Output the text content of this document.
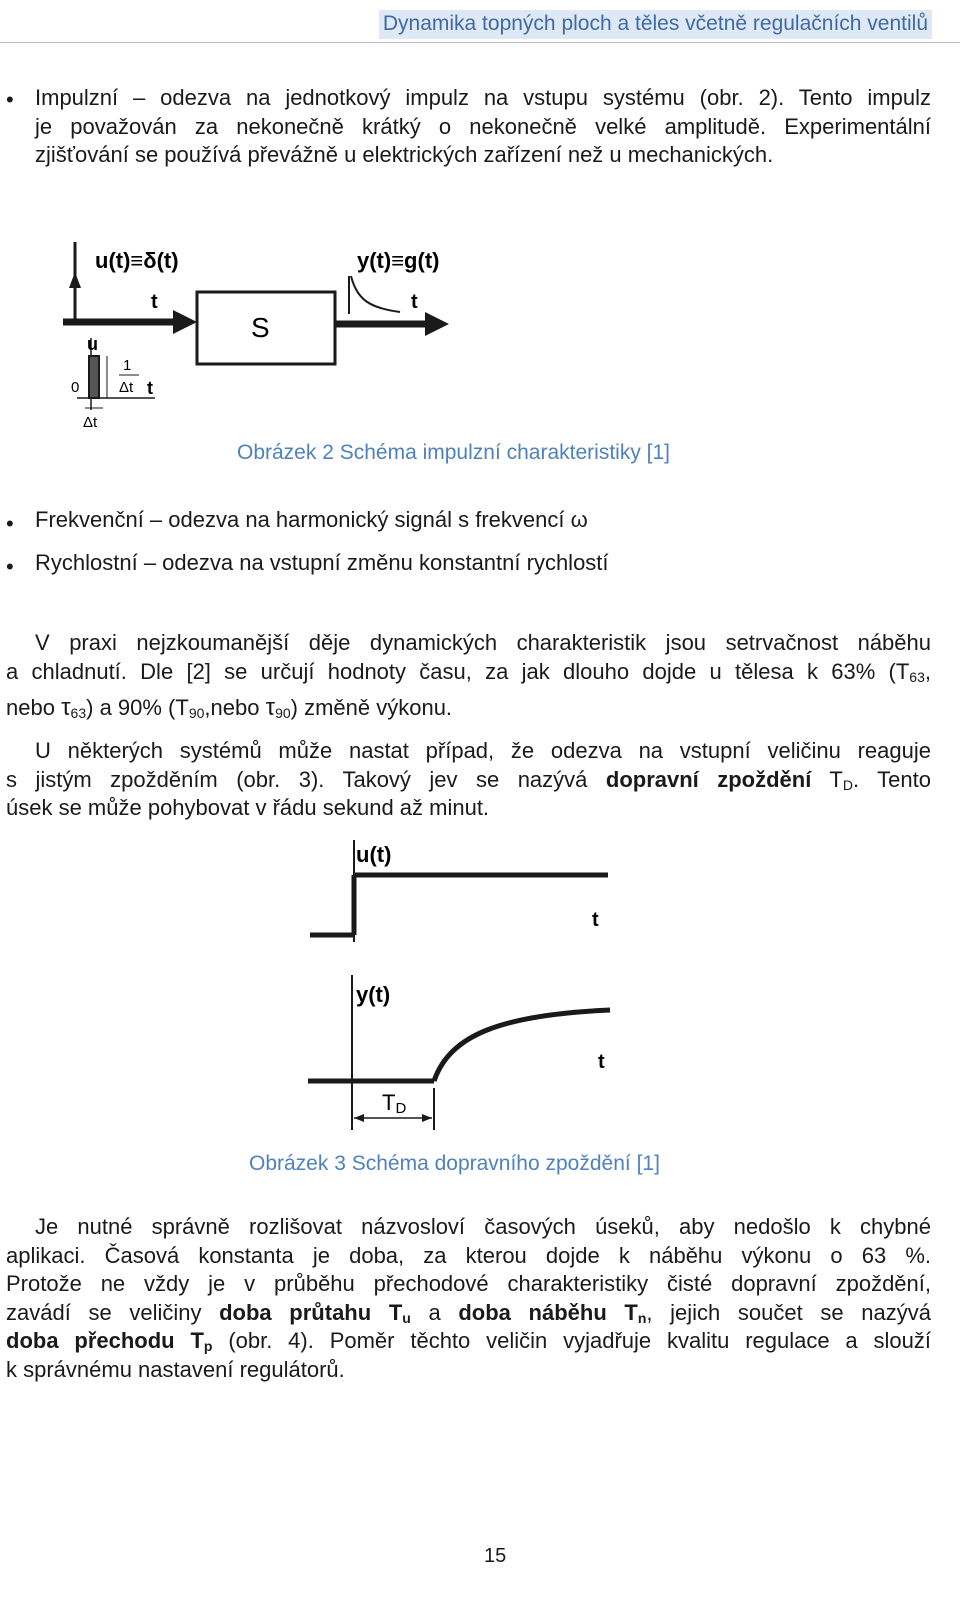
Dynamika topných ploch a těles včetně regulačních ventilů
• Impulzní – odezva na jednotkový impulz na vstupu systému (obr. 2). Tento impulz
je považován za nekonečně krátký o nekonečně velké amplitudě. Experimentální
zjišťování se používá převážně u elektrických zařízení než u mechanických.
u(t)≡δ(t)
t
S
y(t)≡g(t)
t
u
0
1
Δt t
Δt
Obrázek 2 Schéma impulzní charakteristiky [1]
• Frekvenční – odezva na harmonický signál s frekvencí ω
• Rychlostní – odezva na vstupní změnu konstantní rychlostí
V praxi nejzkoumanější děje dynamických charakteristik jsou setrvačnost náběhu
a chladnutí. Dle [2] se určují hodnoty času, za jak dlouho dojde u tělesa k 63% ($T_{63}$,
nebo $\tau_{63}$) a 90% ($T_{90},nebo$ $\tau_{90}$) změně výkonu.
U některých systémů může nastat případ, že odezva na vstupní veličinu reaguje
s jistým zpožděním (obr. 3). Takový jev se nazývá dopravní zpoždění $T_D$. Tento
úsek se může pohybovat v řádu sekund až minut.
u(t)
t
y(t)
t
TD
Obrázek 3 Schéma dopravního zpoždění [1]
Je nutné správně rozlišovat názvosloví časových úseků, aby nedošlo k chybné
aplikaci. Časová konstanta je doba, za kterou dojde k náběhu výkonu o 63 %.
Protože ne vždy je v průběhu přechodové charakteristiky čisté dopravní zpoždění,
zavádí se veličiny doba průtahu $T_u$ a doba náběhu $T_n$, jejich součet se nazývá
doba přechodu $T_p$ (obr. 4). Poměr těchto veličin vyjadřuje kvalitu regulace a slouží
k správnému nastavení regulátorů.
15
